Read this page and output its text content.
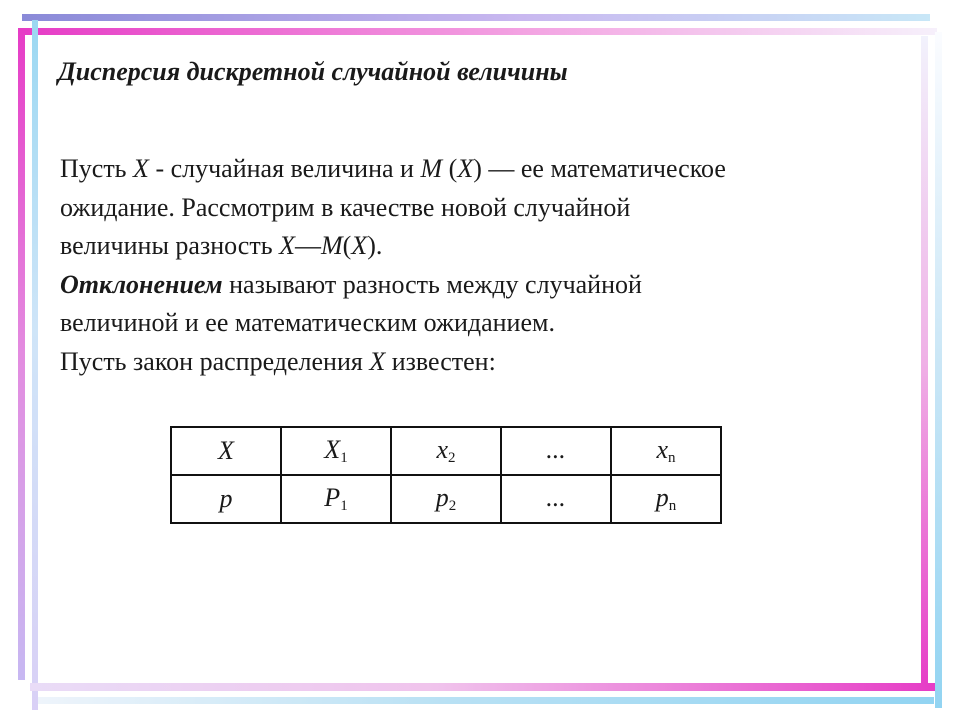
Дисперсия дискретной случайной величины

Пусть X - случайная величина и M (X) — ее математическое
ожидание. Рассмотрим в качестве новой случайной
величины разность X—M(X).

Отклонением называют разность между случайной
величиной и ее математическим ожиданием.

Пусть закон распределения X известен:

X	$X_1$	$x_2$	...	$x_n$
p	$P_1$	$p_2$	...	$p_n$
